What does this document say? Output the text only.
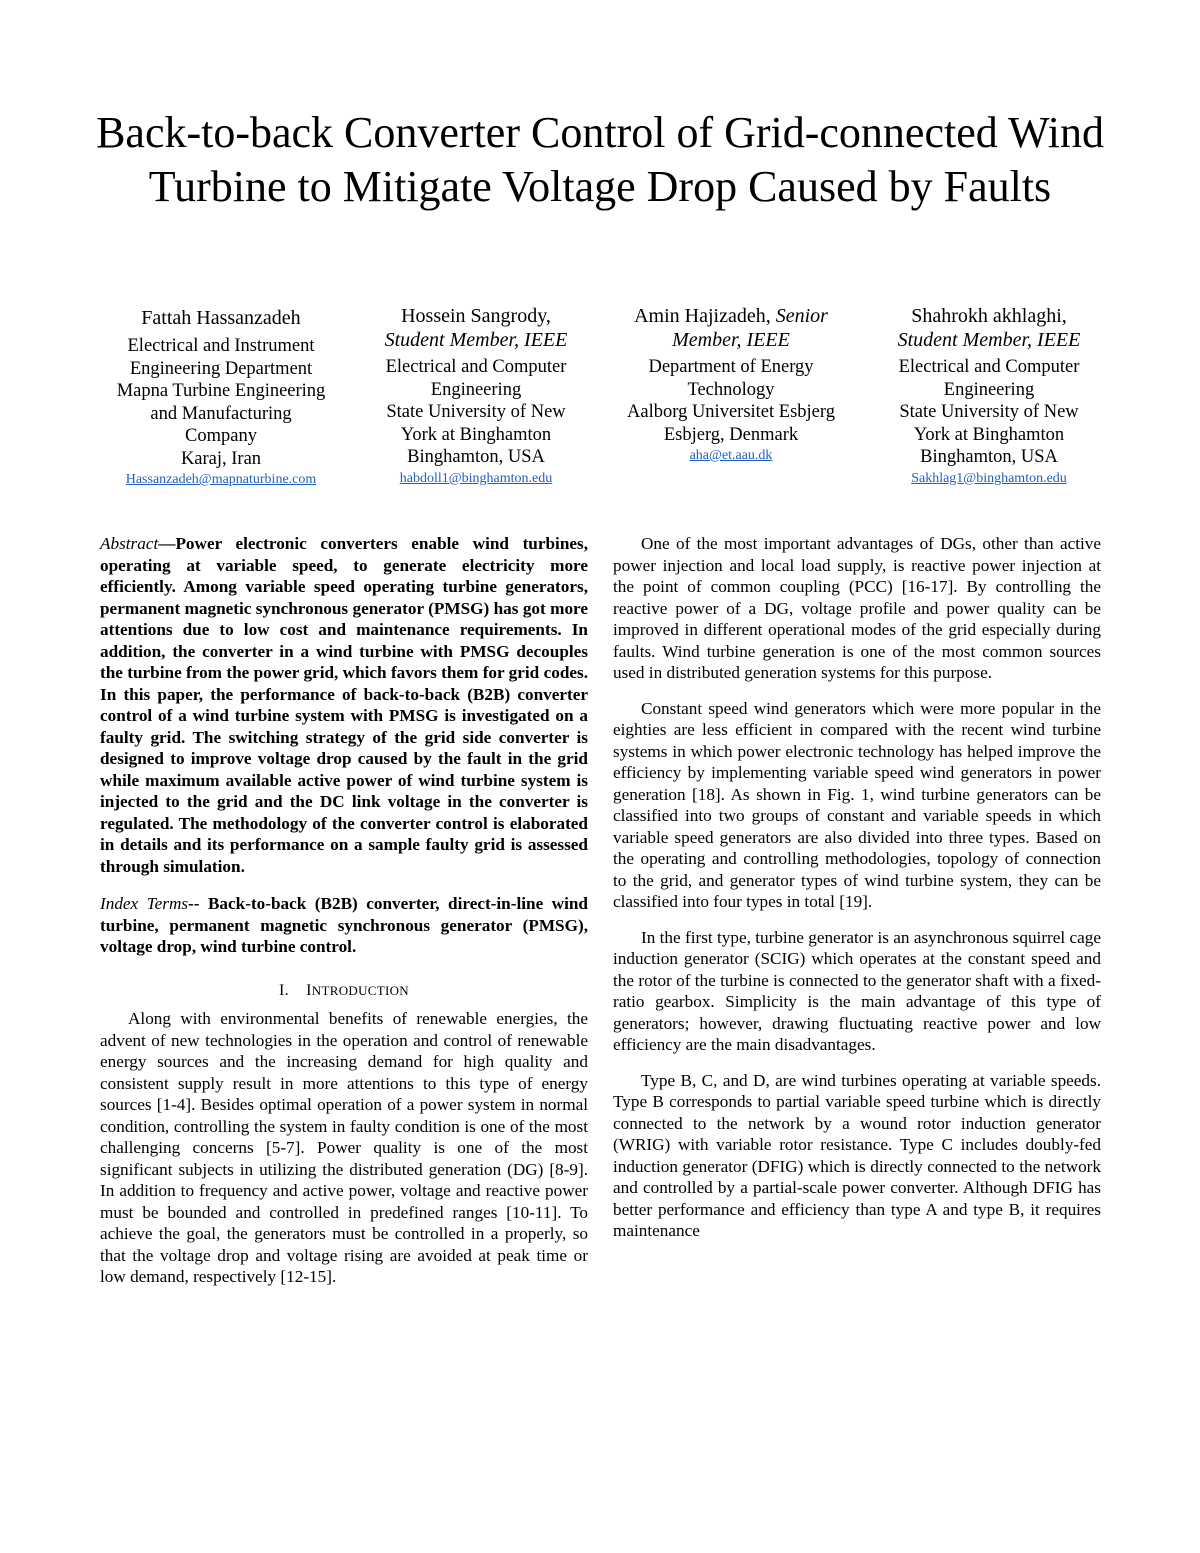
Back-to-back Converter Control of Grid-connected Wind Turbine to Mitigate Voltage Drop Caused by Faults
Fattah Hassanzadeh
Electrical and Instrument
Engineering Department
Mapna Turbine Engineering
and Manufacturing
Company
Karaj, Iran
Hassanzadeh@mapnaturbine.com
Hossein Sangrody,
Student Member, IEEE
Electrical and Computer
Engineering
State University of New
York at Binghamton
Binghamton, USA
habdoll1@binghamton.edu
Amin Hajizadeh, Senior
Member, IEEE
Department of Energy
Technology
Aalborg Universitet Esbjerg
Esbjerg, Denmark
aha@et.aau.dk
Shahrokh akhlaghi,
Student Member, IEEE
Electrical and Computer
Engineering
State University of New
York at Binghamton
Binghamton, USA
Sakhlag1@binghamton.edu

Abstract—Power electronic converters enable wind turbines, operating at variable speed, to generate electricity more efficiently. Among variable speed operating turbine generators, permanent magnetic synchronous generator (PMSG) has got more attentions due to low cost and maintenance requirements. In addition, the converter in a wind turbine with PMSG decouples the turbine from the power grid, which favors them for grid codes. In this paper, the performance of back-to-back (B2B) converter control of a wind turbine system with PMSG is investigated on a faulty grid. The switching strategy of the grid side converter is designed to improve voltage drop caused by the fault in the grid while maximum available active power of wind turbine system is injected to the grid and the DC link voltage in the converter is regulated. The methodology of the converter control is elaborated in details and its performance on a sample faulty grid is assessed through simulation.

Index Terms-- Back-to-back (B2B) converter, direct-in-line wind turbine, permanent magnetic synchronous generator (PMSG), voltage drop, wind turbine control.

I. INTRODUCTION

Along with environmental benefits of renewable energies, the advent of new technologies in the operation and control of renewable energy sources and the increasing demand for high quality and consistent supply result in more attentions to this type of energy sources [1-4]. Besides optimal operation of a power system in normal condition, controlling the system in faulty condition is one of the most challenging concerns [5-7]. Power quality is one of the most significant subjects in utilizing the distributed generation (DG) [8-9]. In addition to frequency and active power, voltage and reactive power must be bounded and controlled in predefined ranges [10-11]. To achieve the goal, the generators must be controlled in a properly, so that the voltage drop and voltage rising are avoided at peak time or low demand, respectively [12-15].

One of the most important advantages of DGs, other than active power injection and local load supply, is reactive power injection at the point of common coupling (PCC) [16-17]. By controlling the reactive power of a DG, voltage profile and power quality can be improved in different operational modes of the grid especially during faults. Wind turbine generation is one of the most common sources used in distributed generation systems for this purpose.

Constant speed wind generators which were more popular in the eighties are less efficient in compared with the recent wind turbine systems in which power electronic technology has helped improve the efficiency by implementing variable speed wind generators in power generation [18]. As shown in Fig. 1, wind turbine generators can be classified into two groups of constant and variable speeds in which variable speed generators are also divided into three types. Based on the operating and controlling methodologies, topology of connection to the grid, and generator types of wind turbine system, they can be classified into four types in total [19].

In the first type, turbine generator is an asynchronous squirrel cage induction generator (SCIG) which operates at the constant speed and the rotor of the turbine is connected to the generator shaft with a fixed-ratio gearbox. Simplicity is the main advantage of this type of generators; however, drawing fluctuating reactive power and low efficiency are the main disadvantages.

Type B, C, and D, are wind turbines operating at variable speeds. Type B corresponds to partial variable speed turbine which is directly connected to the network by a wound rotor induction generator (WRIG) with variable rotor resistance. Type C includes doubly-fed induction generator (DFIG) which is directly connected to the network and controlled by a partial-scale power converter. Although DFIG has better performance and efficiency than type A and type B, it requires maintenance
